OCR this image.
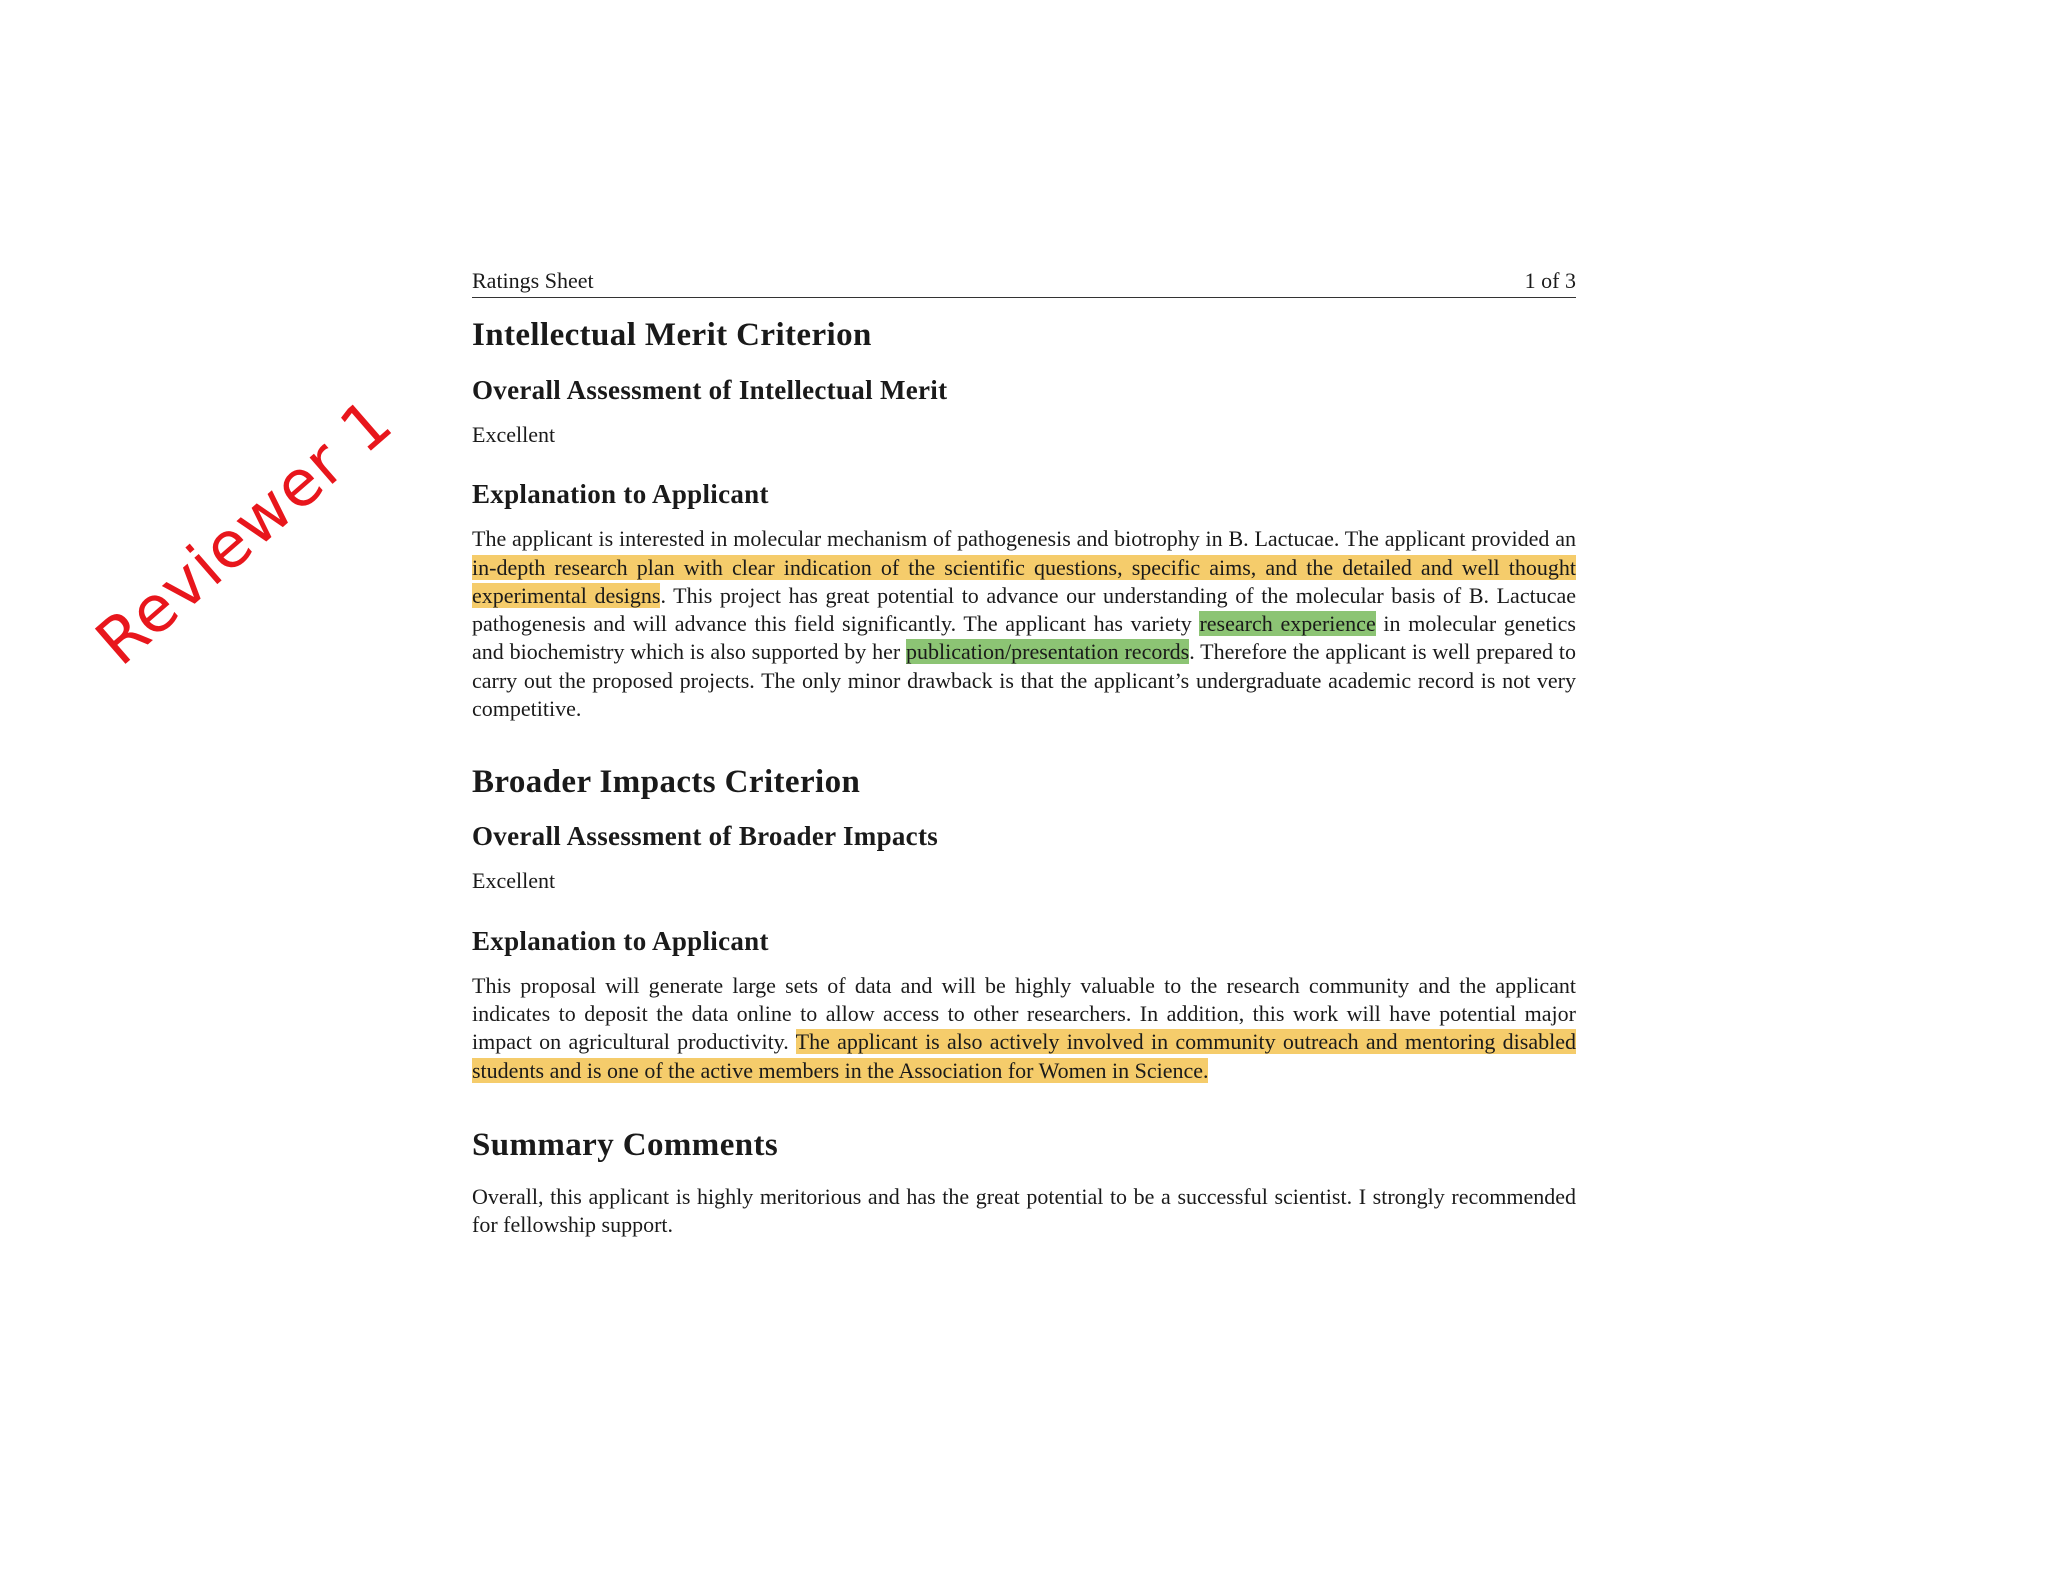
Reviewer 1
Ratings Sheet	1 of 3
Intellectual Merit Criterion
Overall Assessment of Intellectual Merit

Excellent

Explanation to Applicant

The applicant is interested in molecular mechanism of pathogenesis and biotrophy in B. Lactucae. The applicant provided an in-depth research plan with clear indication of the scientific questions, specific aims, and the detailed and well thought experimental designs. This project has great potential to advance our understanding of the molecular basis of B. Lactucae pathogenesis and will advance this field significantly. The applicant has variety research experience in molecular genetics and biochemistry which is also supported by her publication/presentation records. Therefore the applicant is well prepared to carry out the proposed projects. The only minor drawback is that the applicant’s undergraduate academic record is not very competitive.

Broader Impacts Criterion
Overall Assessment of Broader Impacts

Excellent

Explanation to Applicant

This proposal will generate large sets of data and will be highly valuable to the research community and the applicant indicates to deposit the data online to allow access to other researchers. In addition, this work will have potential major impact on agricultural productivity. The applicant is also actively involved in community outreach and mentoring disabled students and is one of the active members in the Association for Women in Science.

Summary Comments

Overall, this applicant is highly meritorious and has the great potential to be a successful scientist. I strongly recommended for fellowship support.
